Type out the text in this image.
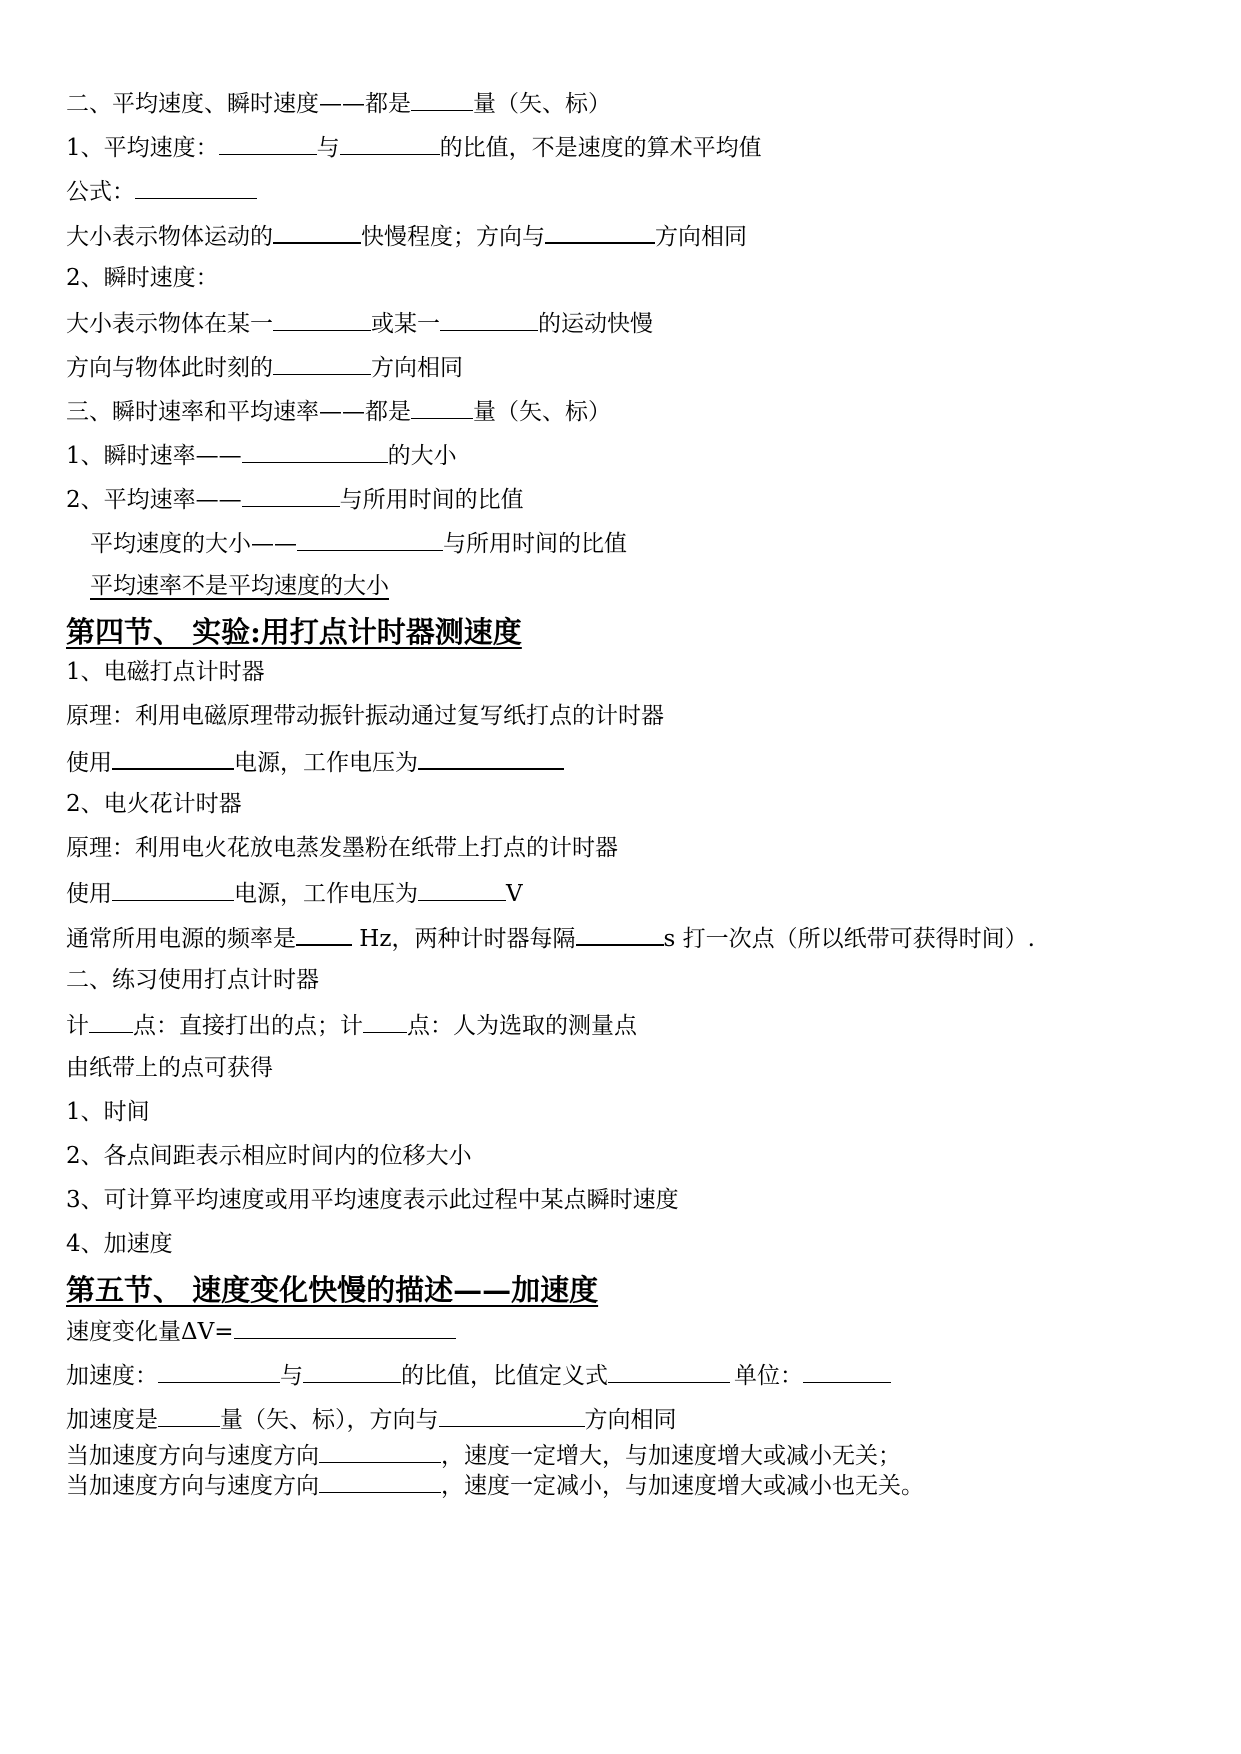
二、平均速度、瞬时速度——都是	量（矢、标）
1、平均速度：	与	的比值，不是速度的算术平均值
公式：
大小表示物体运动的	快慢程度；方向与	方向相同
2、瞬时速度：
大小表示物体在某一	或某一	的运动快慢
方向与物体此时刻的	方向相同
三、瞬时速率和平均速率——都是	量（矢、标）
1、瞬时速率——	的大小
2、平均速率——	与所用时间的比值
平均速度的大小——	与所用时间的比值
平均速率不是平均速度的大小
第四节、 实验:用打点计时器测速度
1、电磁打点计时器
原理：利用电磁原理带动振针振动通过复写纸打点的计时器
使用	电源，工作电压为
2、电火花计时器
原理：利用电火花放电蒸发墨粉在纸带上打点的计时器
使用	电源，工作电压为	V
通常所用电源的频率是 Hz，两种计时器每隔	s 打一次点（所以纸带可获得时间）.
二、练习使用打点计时器
计 点：直接打出的点；计 点：人为选取的测量点
由纸带上的点可获得
1、时间
2、各点间距表示相应时间内的位移大小
3、可计算平均速度或用平均速度表示此过程中某点瞬时速度
4、加速度
第五节、 速度变化快慢的描述——加速度
速度变化量ΔV=
加速度：	与	的比值，比值定义式	单位：
加速度是	量（矢、标），方向与	方向相同
当加速度方向与速度方向	，速度一定增大，与加速度增大或减小无关；
当加速度方向与速度方向	，速度一定减小，与加速度增大或减小也无关。
